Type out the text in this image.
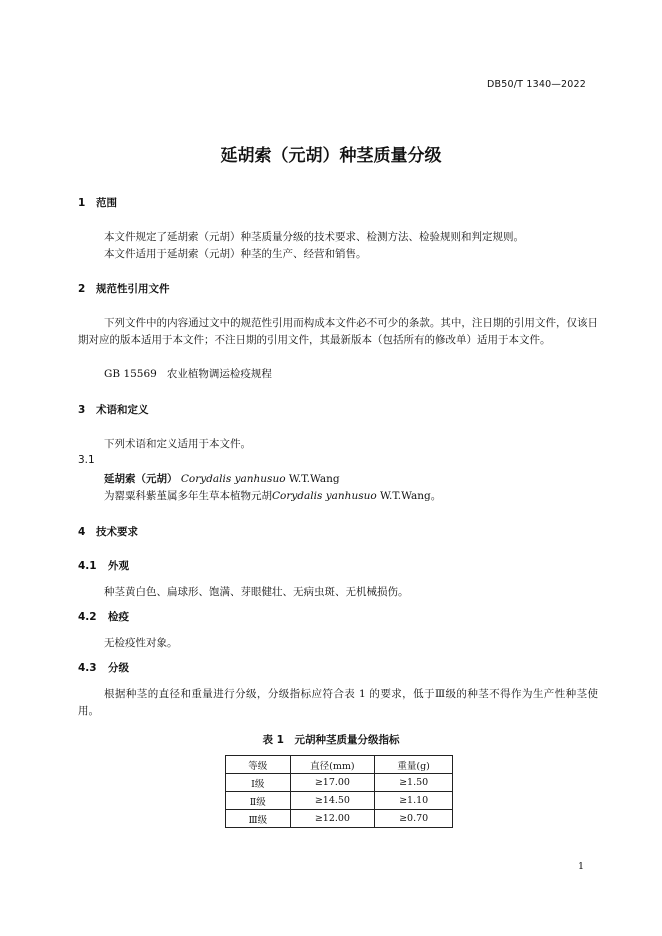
DB50/T 1340—2022
延胡索（元胡）种茎质量分级
1 范围
本文件规定了延胡索（元胡）种茎质量分级的技术要求、检测方法、检验规则和判定规则。
本文件适用于延胡索（元胡）种茎的生产、经营和销售。
2 规范性引用文件
下列文件中的内容通过文中的规范性引用而构成本文件必不可少的条款。其中，注日期的引用文件，仅该日期对应的版本适用于本文件；不注日期的引用文件，其最新版本（包括所有的修改单）适用于本文件。
GB 15569 农业植物调运检疫规程
3 术语和定义
下列术语和定义适用于本文件。
3.1
延胡索（元胡） Corydalis yanhusuo W.T.Wang
为罂粟科紫堇属多年生草本植物元胡Corydalis yanhusuo W.T.Wang。
4 技术要求
4.1 外观
种茎黄白色、扁球形、饱满、芽眼健壮、无病虫斑、无机械损伤。
4.2 检疫
无检疫性对象。
4.3 分级
根据种茎的直径和重量进行分级，分级指标应符合表 1 的要求，低于Ⅲ级的种茎不得作为生产性种茎使用。
表 1　元胡种茎质量分级指标
等级	直径(mm)	重量(g)
Ⅰ级	≥17.00	≥1.50
Ⅱ级	≥14.50	≥1.10
Ⅲ级	≥12.00	≥0.70
1
